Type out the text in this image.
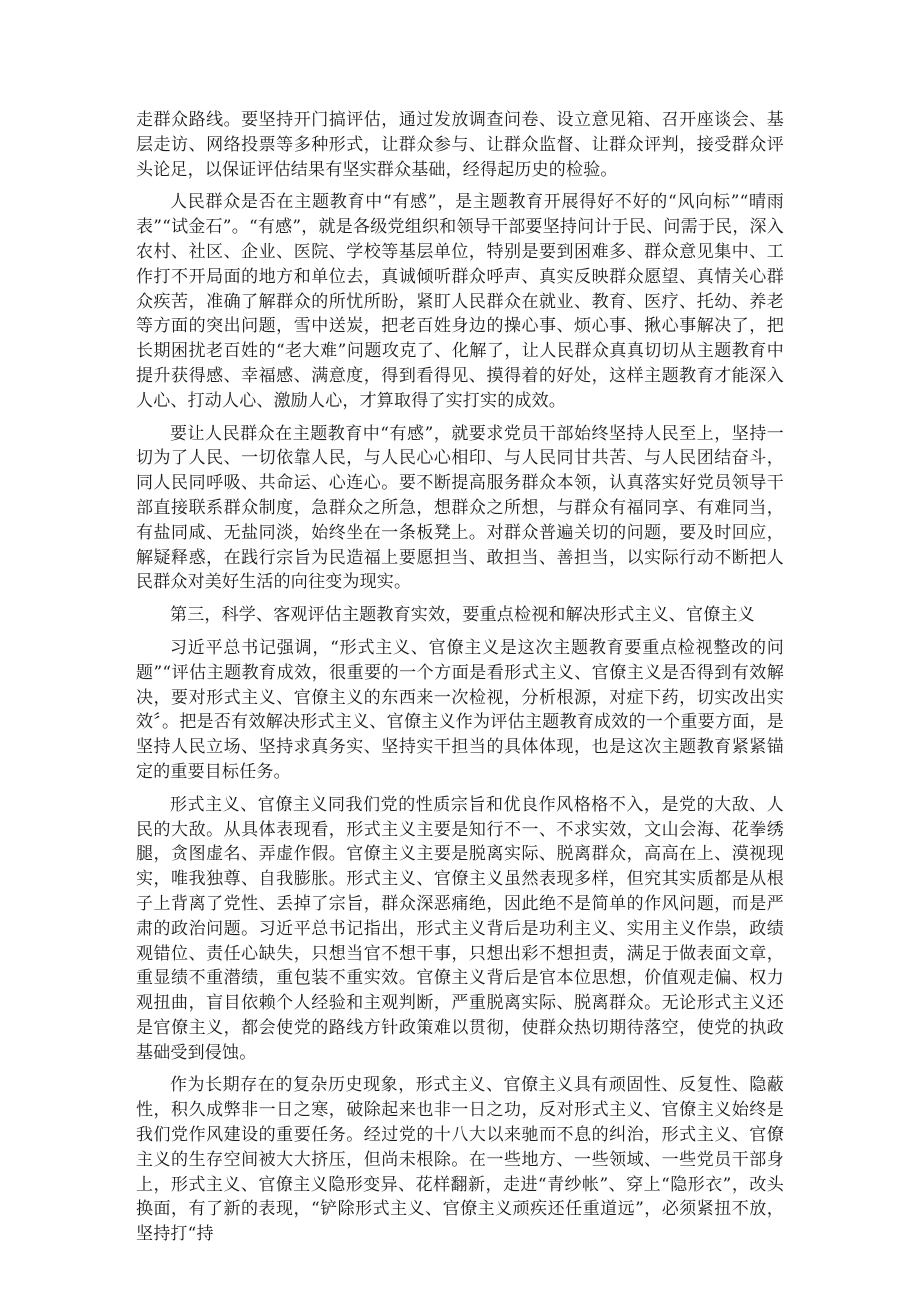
走群众路线。要坚持开门搞评估，通过发放调查问卷、设立意见箱、召开座谈会、基层走访、网络投票等多种形式，让群众参与、让群众监督、让群众评判，接受群众评头论足，以保证评估结果有坚实群众基础，经得起历史的检验。

人民群众是否在主题教育中“有感”，是主题教育开展得好不好的“风向标”“晴雨表”“试金石”。“有感”，就是各级党组织和领导干部要坚持问计于民、问需于民，深入农村、社区、企业、医院、学校等基层单位，特别是要到困难多、群众意见集中、工作打不开局面的地方和单位去，真诚倾听群众呼声、真实反映群众愿望、真情关心群众疾苦，准确了解群众的所忧所盼，紧盯人民群众在就业、教育、医疗、托幼、养老等方面的突出问题，雪中送炭，把老百姓身边的操心事、烦心事、揪心事解决了，把长期困扰老百姓的“老大难”问题攻克了、化解了，让人民群众真真切切从主题教育中提升获得感、幸福感、满意度，得到看得见、摸得着的好处，这样主题教育才能深入人心、打动人心、激励人心，才算取得了实打实的成效。

要让人民群众在主题教育中“有感”，就要求党员干部始终坚持人民至上，坚持一切为了人民、一切依靠人民，与人民心心相印、与人民同甘共苦、与人民团结奋斗，同人民同呼吸、共命运、心连心。要不断提高服务群众本领，认真落实好党员领导干部直接联系群众制度，急群众之所急，想群众之所想，与群众有福同享、有难同当，有盐同咸、无盐同淡，始终坐在一条板凳上。对群众普遍关切的问题，要及时回应，解疑释惑，在践行宗旨为民造福上要愿担当、敢担当、善担当，以实际行动不断把人民群众对美好生活的向往变为现实。

第三，科学、客观评估主题教育实效，要重点检视和解决形式主义、官僚主义

习近平总书记强调，“形式主义、官僚主义是这次主题教育要重点检视整改的问题”“评估主题教育成效，很重要的一个方面是看形式主义、官僚主义是否得到有效解决，要对形式主义、官僚主义的东西来一次检视，分析根源，对症下药，切实改出实效〞。把是否有效解决形式主义、官僚主义作为评估主题教育成效的一个重要方面，是坚持人民立场、坚持求真务实、坚持实干担当的具体体现，也是这次主题教育紧紧锚定的重要目标任务。

形式主义、官僚主义同我们党的性质宗旨和优良作风格格不入，是党的大敌、人民的大敌。从具体表现看，形式主义主要是知行不一、不求实效，文山会海、花拳绣腿，贪图虚名、弄虚作假。官僚主义主要是脱离实际、脱离群众，高高在上、漠视现实，唯我独尊、自我膨胀。形式主义、官僚主义虽然表现多样，但究其实质都是从根子上背离了党性、丢掉了宗旨，群众深恶痛绝，因此绝不是简单的作风问题，而是严肃的政治问题。习近平总书记指出，形式主义背后是功利主义、实用主义作祟，政绩观错位、责任心缺失，只想当官不想干事，只想出彩不想担责，满足于做表面文章，重显绩不重潜绩，重包装不重实效。官僚主义背后是官本位思想，价值观走偏、权力观扭曲，盲目依赖个人经验和主观判断，严重脱离实际、脱离群众。无论形式主义还是官僚主义，都会使党的路线方针政策难以贯彻，使群众热切期待落空，使党的执政基础受到侵蚀。

作为长期存在的复杂历史现象，形式主义、官僚主义具有顽固性、反复性、隐蔽性，积久成弊非一日之寒，破除起来也非一日之功，反对形式主义、官僚主义始终是我们党作风建设的重要任务。经过党的十八大以来驰而不息的纠治，形式主义、官僚主义的生存空间被大大挤压，但尚未根除。在一些地方、一些领域、一些党员干部身上，形式主义、官僚主义隐形变异、花样翻新，走进“青纱帐”、穿上“隐形衣”，改头换面，有了新的表现，“铲除形式主义、官僚主义顽疾还任重道远”，必须紧扭不放，坚持打“持
